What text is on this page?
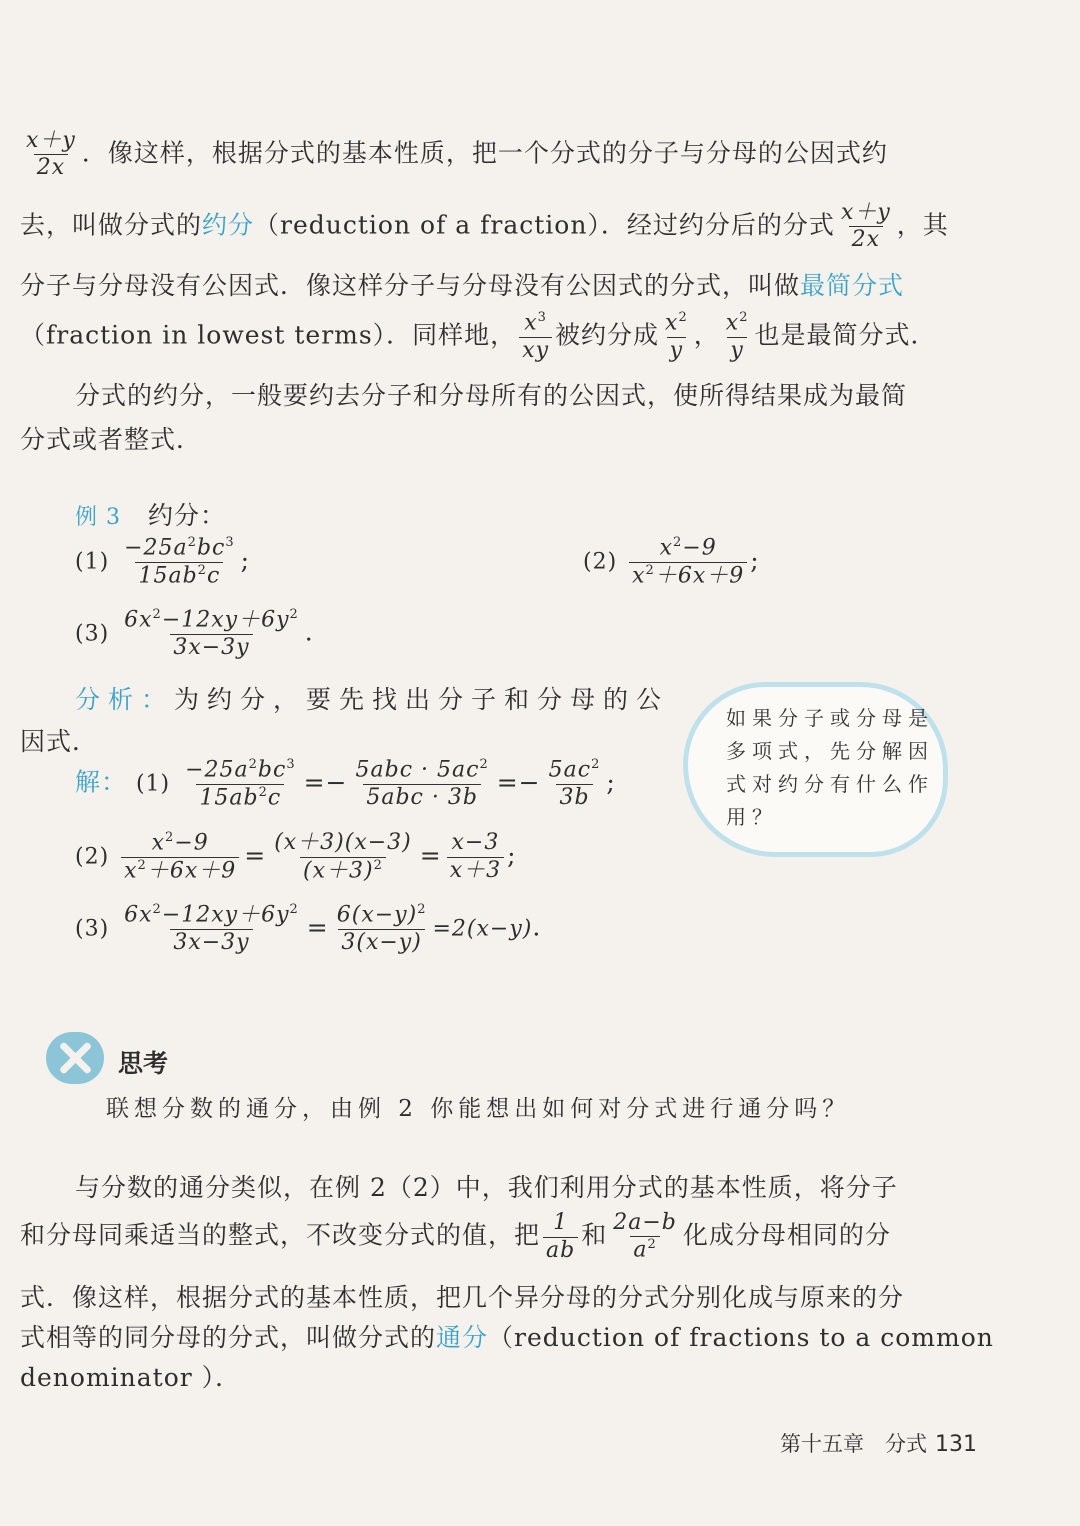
$\frac{x+y}{2x}$ ．像这样，根据分式的基本性质，把一个分式的分子与分母的公因式约
去，叫做分式的约分（reduction of a fraction）．经过约分后的分式 $\frac{x+y}{2x}$ ，其
分子与分母没有公因式．像这样分子与分母没有公因式的分式，叫做最简分式
（fraction in lowest terms）．同样地， $\frac{x^3}{xy}$ 被约分成 $\frac{x^2}{y}$ ， $\frac{x^2}{y}$ 也是最简分式．
分式的约分，一般要约去分子和分母所有的公因式，使所得结果成为最简
分式或者整式．
例 3 约分：
$(1) \frac{-25a^2bc^3}{15ab^2c}$ ;	$(2) \frac{x^2-9}{x^2+6x+9}$ ;
$(3) \frac{6x^2-12xy+6y^2}{3x-3y}$ .
分析：为约分，要先找出分子和分母的公
因式．
如果分子或分母是多项式，先分解因式对约分有什么作用？
解： $(1) \frac{-25a^2bc^3}{15ab^2c} =- 5abc \cdot 5ac^2$
5abc · 3b
=− $\frac{5ac^2}{3b}$ ;
$(2) \frac{x^2-9}{x^2+6x+9} = \frac{(x+3)(x-3)}{(x+3)^2} = \frac{x-3}{x+3}$ ;
$(3) \frac{6x^2-12xy+6y^2}{3x-3y} = \frac{6(x-y)^2}{3(x-y)} =2(x-y)$.
思考
联想分数的通分，由例 2 你能想出如何对分式进行通分吗？
与分数的通分类似，在例 2（2）中，我们利用分式的基本性质，将分子
和分母同乘适当的整式，不改变分式的值，把 $\frac{1}{ab}$ 和 $\frac{2a-b}{a^2}$ 化成分母相同的分
式．像这样，根据分式的基本性质，把几个异分母的分式分别化成与原来的分
式相等的同分母的分式，叫做分式的通分（reduction of fractions to a common
denominator ）．
第十五章　分式 131
